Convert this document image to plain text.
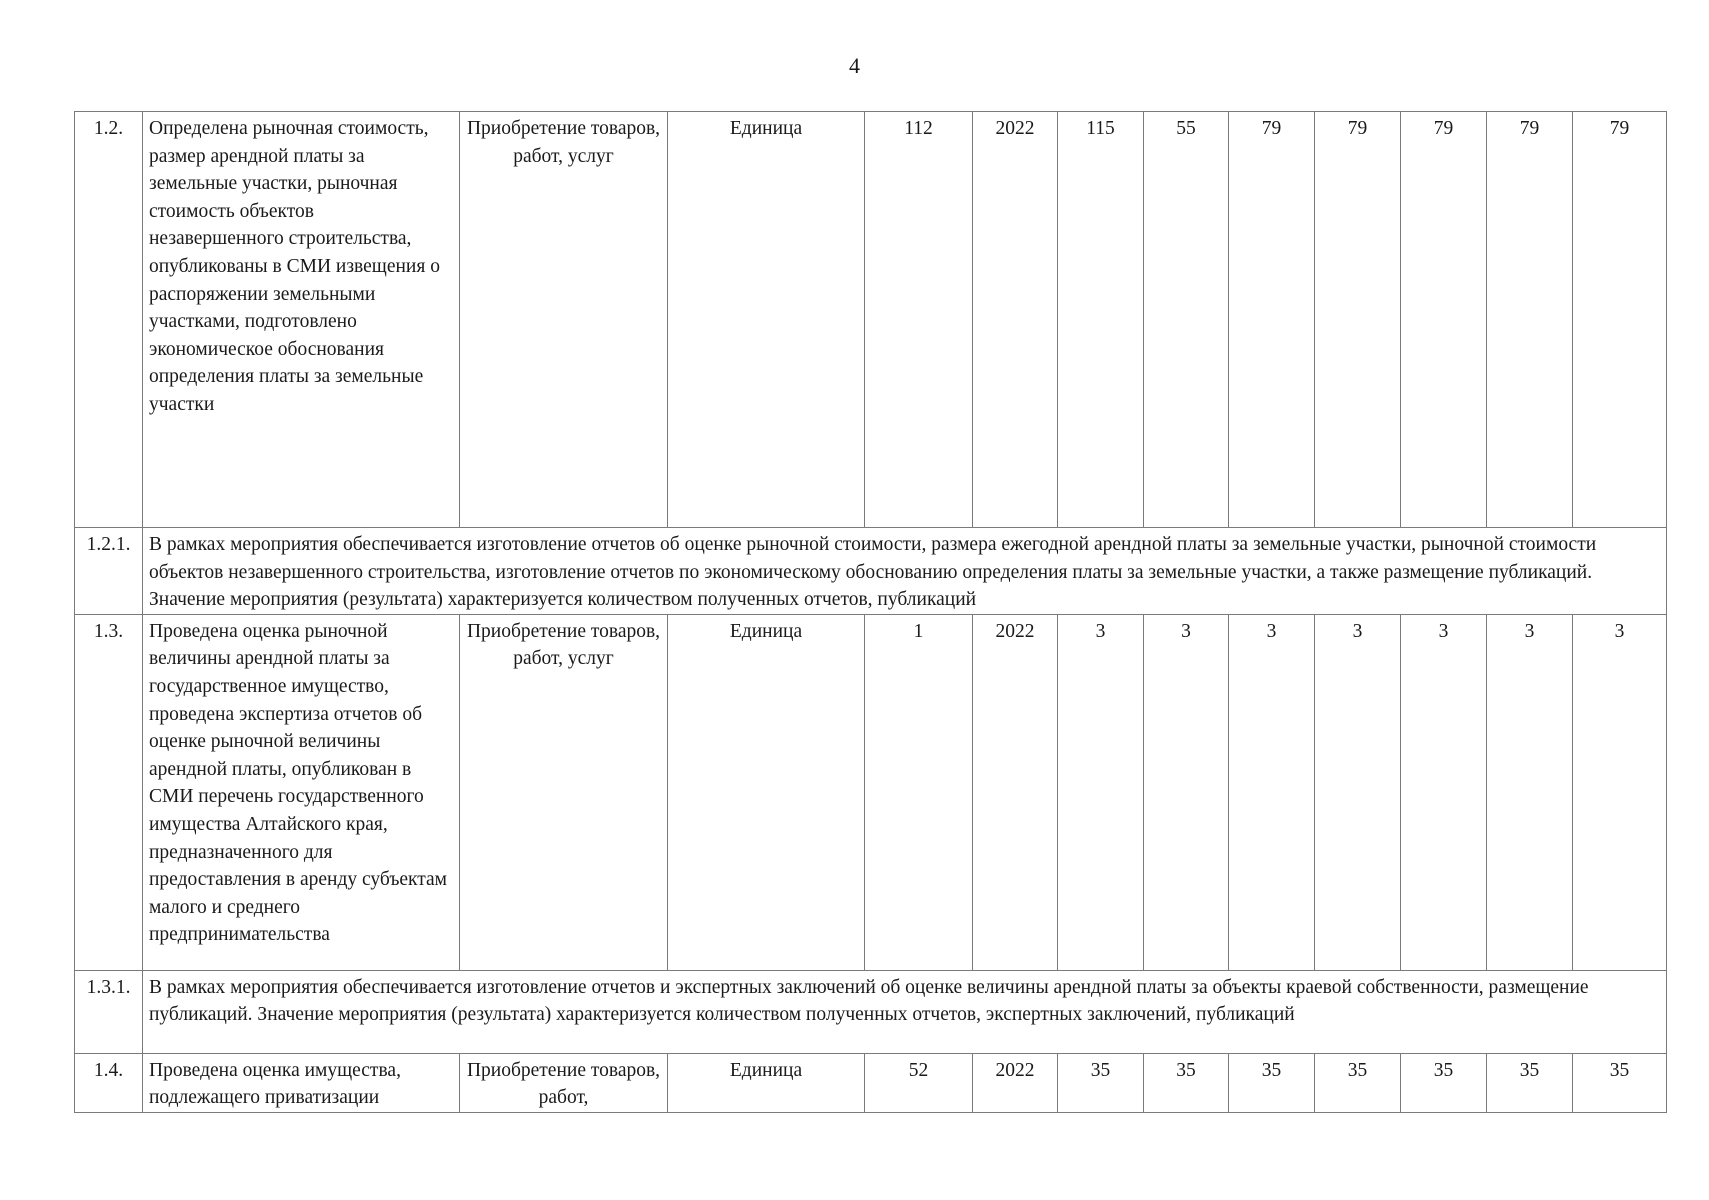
4
1.2.	Определена рыночная стоимость, размер арендной платы за земельные участки, рыночная стоимость объектов незавершенного строительства, опубликованы в СМИ извещения о распоряжении земельными участками, подготовлено экономическое обоснования определения платы за земельные участки	Приобретение товаров, работ, услуг	Единица	112	2022	115	55	79	79	79	79	79
1.2.1.	В рамках мероприятия обеспечивается изготовление отчетов об оценке рыночной стоимости, размера ежегодной арендной платы за земельные участки, рыночной стоимости объектов незавершенного строительства, изготовление отчетов по экономическому обоснованию определения платы за земельные участки, а также размещение публикаций. Значение мероприятия (результата) характеризуется количеством полученных отчетов, публикаций											
1.3.	Проведена оценка рыночной величины арендной платы за государственное имущество, проведена экспертиза отчетов об оценке рыночной величины арендной платы, опубликован в СМИ перечень государственного имущества Алтайского края, предназначенного для предоставления в аренду субъектам малого и среднего предпринимательства	Приобретение товаров, работ, услуг	Единица	1	2022	3	3	3	3	3	3	3
1.3.1.	В рамках мероприятия обеспечивается изготовление отчетов и экспертных заключений об оценке величины арендной платы за объекты краевой собственности, размещение публикаций. Значение мероприятия (результата) характеризуется количеством полученных отчетов, экспертных заключений, публикаций											
1.4.	Проведена оценка имущества, подлежащего приватизации	Приобретение товаров, работ,	Единица	52	2022	35	35	35	35	35	35	35
